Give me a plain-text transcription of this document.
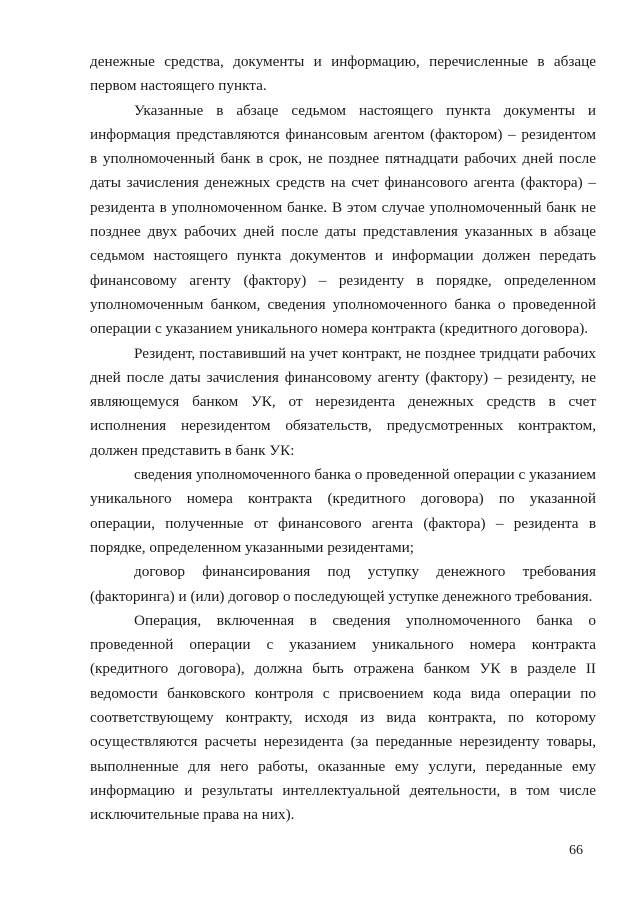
денежные средства, документы и информацию, перечисленные в абзаце
первом настоящего пункта.
Указанные в абзаце седьмом настоящего пункта документы и
информация представляются финансовым агентом (фактором) – резидентом
в уполномоченный банк в срок, не позднее пятнадцати рабочих дней после
даты зачисления денежных средств на счет финансового агента (фактора) –
резидента в уполномоченном банке. В этом случае уполномоченный банк не
позднее двух рабочих дней после даты представления указанных в абзаце
седьмом настоящего пункта документов и информации должен передать
финансовому агенту (фактору) – резиденту в порядке, определенном
уполномоченным банком, сведения уполномоченного банка о проведенной
операции с указанием уникального номера контракта (кредитного договора).
Резидент, поставивший на учет контракт, не позднее тридцати рабочих
дней после даты зачисления финансовому агенту (фактору) – резиденту, не
являющемуся банком УК, от нерезидента денежных средств в счет
исполнения нерезидентом обязательств, предусмотренных контрактом,
должен представить в банк УК:
сведения уполномоченного банка о проведенной операции с указанием
уникального номера контракта (кредитного договора) по указанной
операции, полученные от финансового агента (фактора) – резидента в
порядке, определенном указанными резидентами;
договор финансирования под уступку денежного требования
(факторинга) и (или) договор о последующей уступке денежного требования.
Операция, включенная в сведения уполномоченного банка о
проведенной операции с указанием уникального номера контракта
(кредитного договора), должна быть отражена банком УК в разделе II
ведомости банковского контроля с присвоением кода вида операции по
соответствующему контракту, исходя из вида контракта, по которому
осуществляются расчеты нерезидента (за переданные нерезиденту товары,
выполненные для него работы, оказанные ему услуги, переданные ему
информацию и результаты интеллектуальной деятельности, в том числе
исключительные права на них).
66
